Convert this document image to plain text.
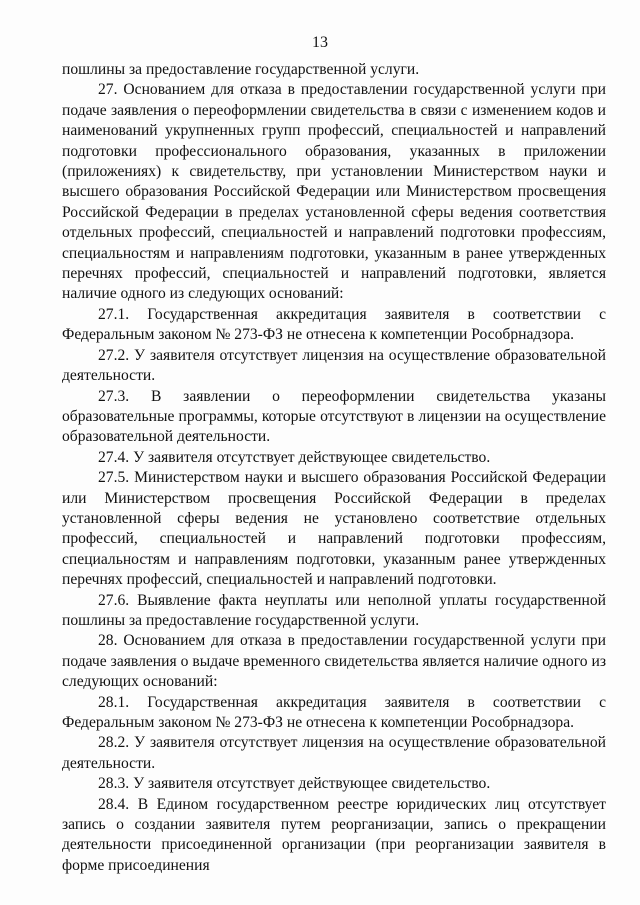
13

пошлины за предоставление государственной услуги.

27. Основанием для отказа в предоставлении государственной услуги при подаче заявления о переоформлении свидетельства в связи с изменением кодов и наименований укрупненных групп профессий, специальностей и направлений подготовки профессионального образования, указанных в приложении (приложениях) к свидетельству, при установлении Министерством науки и высшего образования Российской Федерации или Министерством просвещения Российской Федерации в пределах установленной сферы ведения соответствия отдельных профессий, специальностей и направлений подготовки профессиям, специальностям и направлениям подготовки, указанным в ранее утвержденных перечнях профессий, специальностей и направлений подготовки, является наличие одного из следующих оснований:

27.1. Государственная аккредитация заявителя в соответствии с Федеральным законом № 273-ФЗ не отнесена к компетенции Рособрнадзора.

27.2. У заявителя отсутствует лицензия на осуществление образовательной деятельности.

27.3. В заявлении о переоформлении свидетельства указаны образовательные программы, которые отсутствуют в лицензии на осуществление образовательной деятельности.

27.4. У заявителя отсутствует действующее свидетельство.

27.5. Министерством науки и высшего образования Российской Федерации или Министерством просвещения Российской Федерации в пределах установленной сферы ведения не установлено соответствие отдельных профессий, специальностей и направлений подготовки профессиям, специальностям и направлениям подготовки, указанным ранее утвержденных перечнях профессий, специальностей и направлений подготовки.

27.6. Выявление факта неуплаты или неполной уплаты государственной пошлины за предоставление государственной услуги.

28. Основанием для отказа в предоставлении государственной услуги при подаче заявления о выдаче временного свидетельства является наличие одного из следующих оснований:

28.1. Государственная аккредитация заявителя в соответствии с Федеральным законом № 273-ФЗ не отнесена к компетенции Рособрнадзора.

28.2. У заявителя отсутствует лицензия на осуществление образовательной деятельности.

28.3. У заявителя отсутствует действующее свидетельство.

28.4. В Едином государственном реестре юридических лиц отсутствует запись о создании заявителя путем реорганизации, запись о прекращении деятельности присоединенной организации (при реорганизации заявителя в форме присоединения
